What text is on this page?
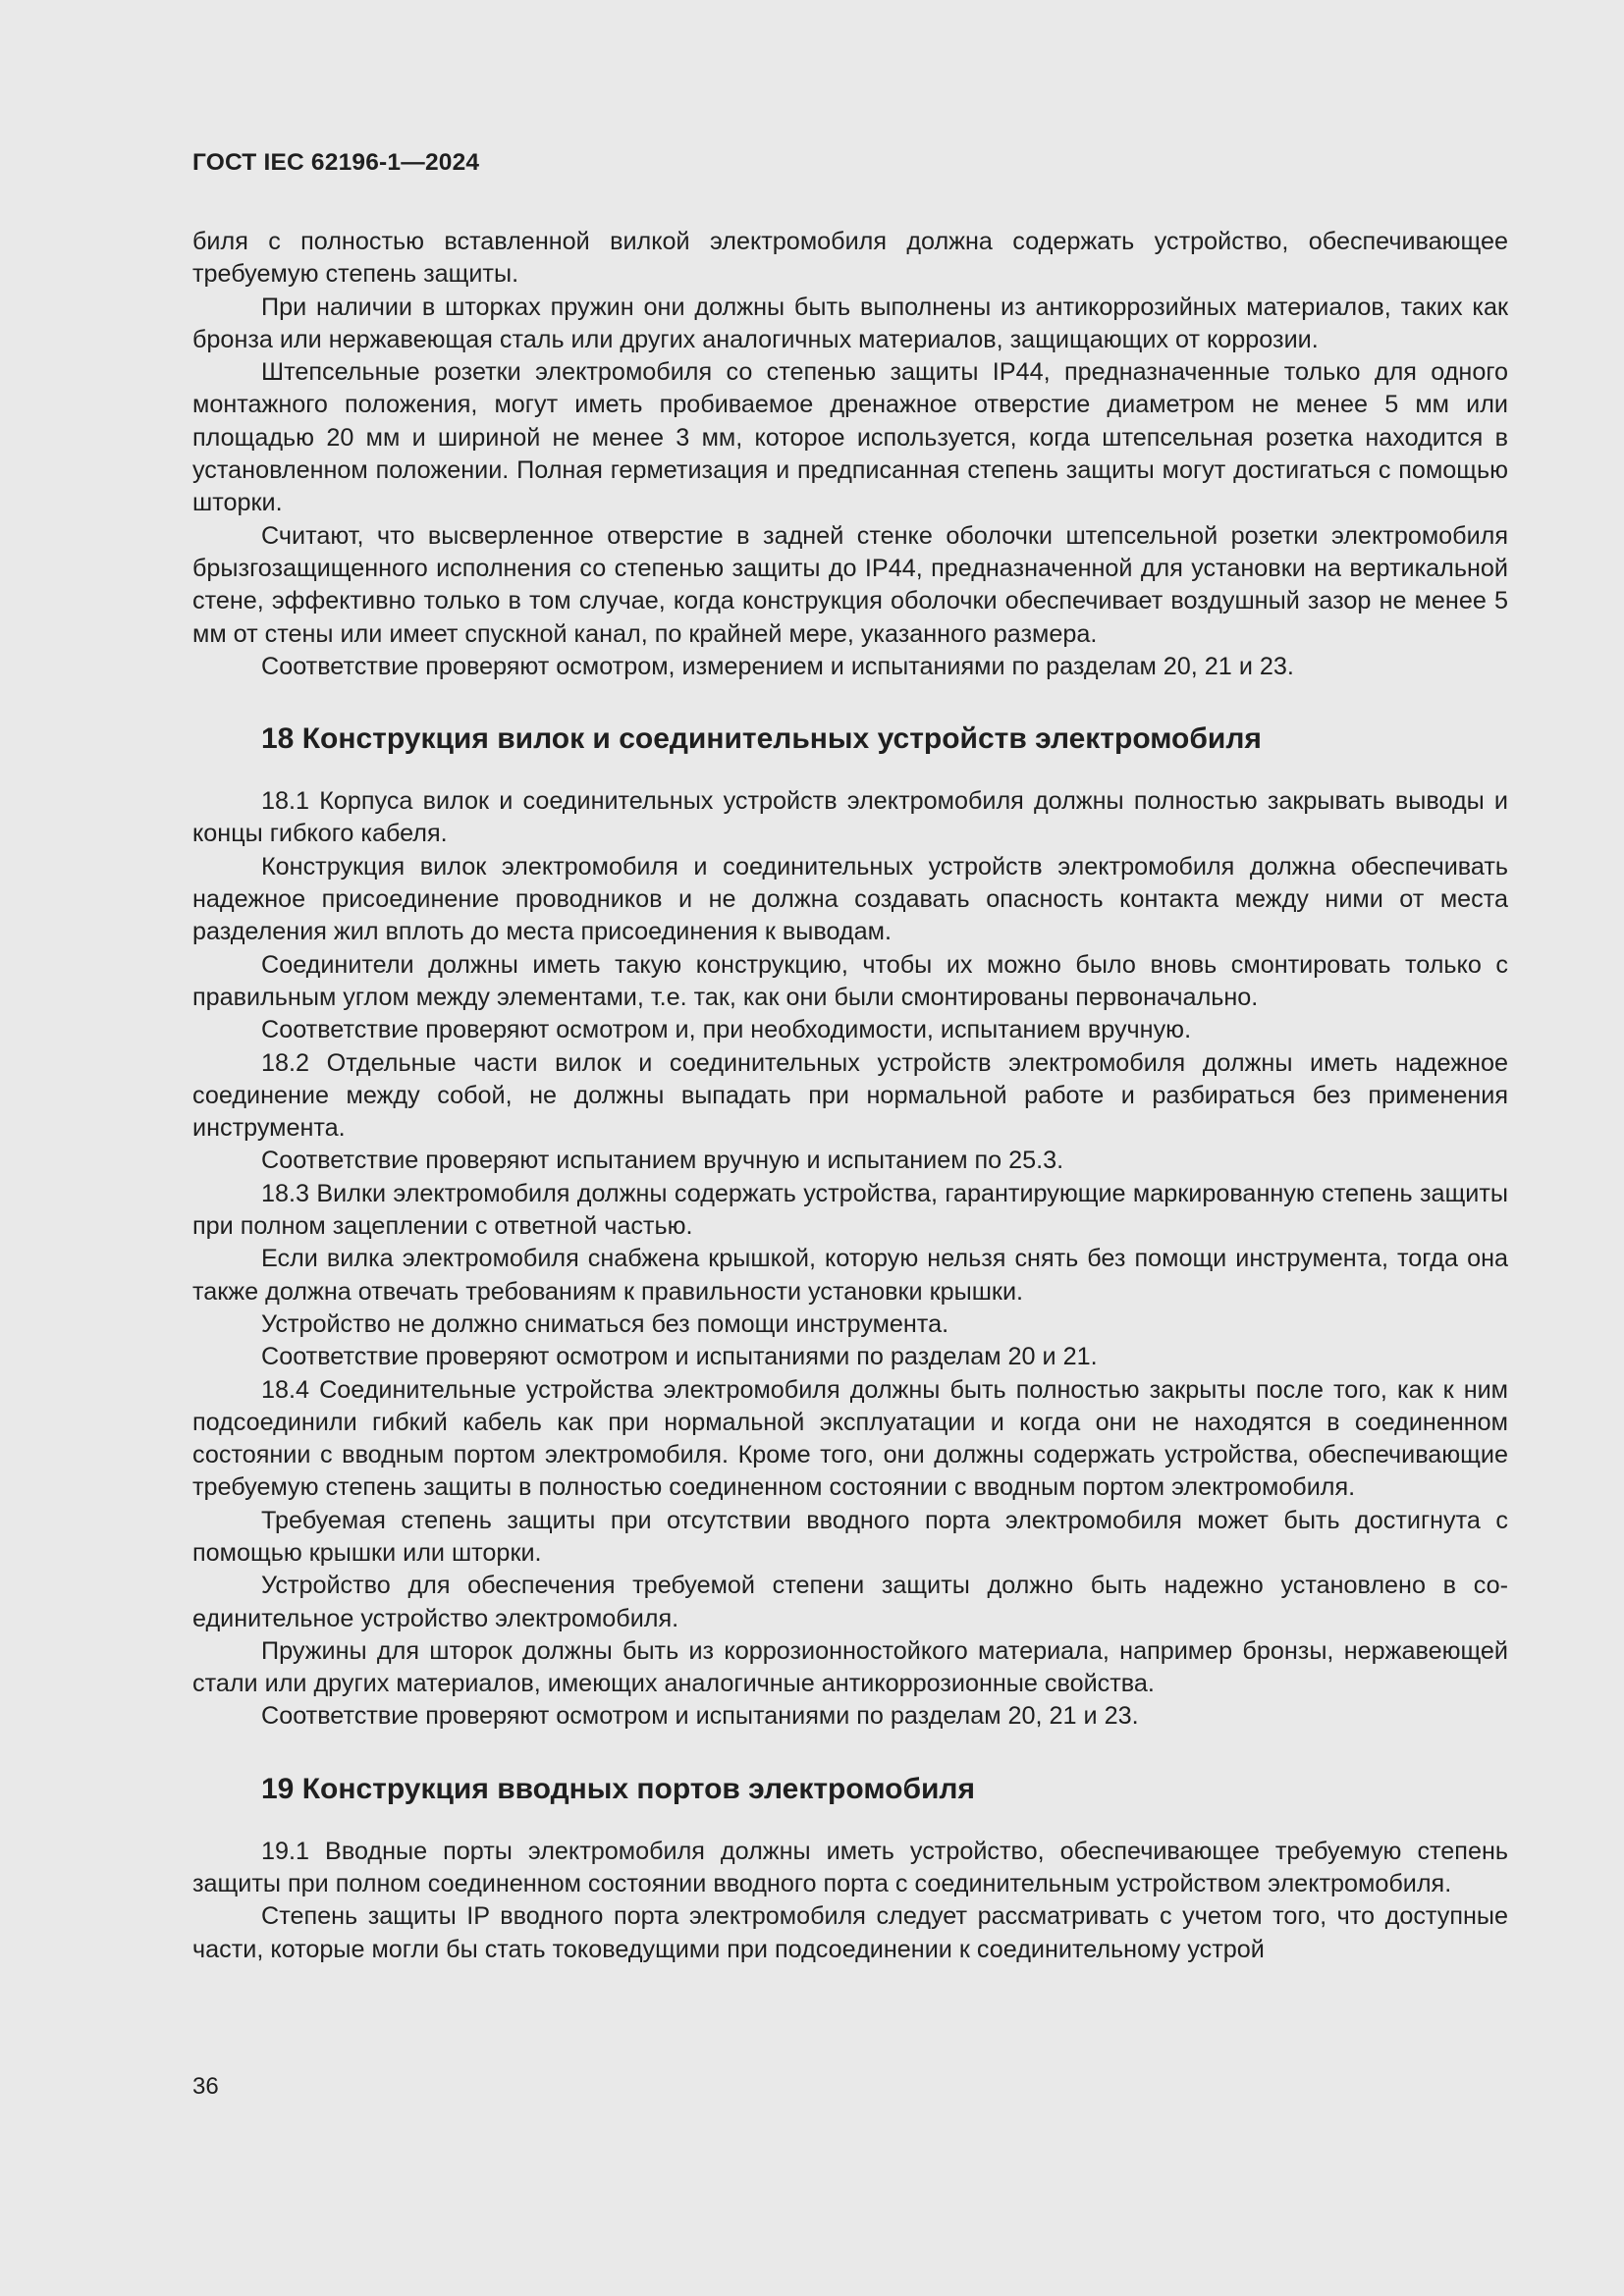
ГОСТ IEC 62196-1—2024

биля с полностью вставленной вилкой электромобиля должна содержать устройство, обеспечивающее требуемую степень защиты.

При наличии в шторках пружин они должны быть выполнены из антикоррозийных материалов, таких как бронза или нержавеющая сталь или других аналогичных материалов, защищающих от коррозии.

Штепсельные розетки электромобиля со степенью защиты IP44, предназначенные только для одного монтажного положения, могут иметь пробиваемое дренажное отверстие диаметром не менее 5 мм или площадью 20 мм и шириной не менее 3 мм, которое используется, когда штепсельная розетка находится в установленном положении. Полная герметизация и предписанная степень защиты могут достигаться с помощью шторки.

Считают, что высверленное отверстие в задней стенке оболочки штепсельной розетки электромобиля брызгозащищенного исполнения со степенью защиты до IP44, предназначенной для установки на вертикальной стене, эффективно только в том случае, когда конструкция оболочки обеспечивает воздушный зазор не менее 5 мм от стены или имеет спускной канал, по крайней мере, указанного размера.

Соответствие проверяют осмотром, измерением и испытаниями по разделам 20, 21 и 23.

18 Конструкция вилок и соединительных устройств электромобиля

18.1 Корпуса вилок и соединительных устройств электромобиля должны полностью закрывать выводы и концы гибкого кабеля.

Конструкция вилок электромобиля и соединительных устройств электромобиля должна обеспечивать надежное присоединение проводников и не должна создавать опасность контакта между ними от места разделения жил вплоть до места присоединения к выводам.

Соединители должны иметь такую конструкцию, чтобы их можно было вновь смонтировать только с правильным углом между элементами, т.е. так, как они были смонтированы первоначально.

Соответствие проверяют осмотром и, при необходимости, испытанием вручную.

18.2 Отдельные части вилок и соединительных устройств электромобиля должны иметь надежное соединение между собой, не должны выпадать при нормальной работе и разбираться без применения инструмента.

Соответствие проверяют испытанием вручную и испытанием по 25.3.

18.3 Вилки электромобиля должны содержать устройства, гарантирующие маркированную степень защиты при полном зацеплении с ответной частью.

Если вилка электромобиля снабжена крышкой, которую нельзя снять без помощи инструмента, тогда она также должна отвечать требованиям к правильности установки крышки.

Устройство не должно сниматься без помощи инструмента.

Соответствие проверяют осмотром и испытаниями по разделам 20 и 21.

18.4 Соединительные устройства электромобиля должны быть полностью закрыты после того, как к ним подсоединили гибкий кабель как при нормальной эксплуатации и когда они не находятся в соединенном состоянии с вводным портом электромобиля. Кроме того, они должны содержать устройства, обеспечивающие требуемую степень защиты в полностью соединенном состоянии с вводным портом электромобиля.

Требуемая степень защиты при отсутствии вводного порта электромобиля может быть достигнута с помощью крышки или шторки.

Устройство для обеспечения требуемой степени защиты должно быть надежно установлено в соединительное устройство электромобиля.

Пружины для шторок должны быть из коррозионностойкого материала, например бронзы, нержавеющей стали или других материалов, имеющих аналогичные антикоррозионные свойства.

Соответствие проверяют осмотром и испытаниями по разделам 20, 21 и 23.

19 Конструкция вводных портов электромобиля

19.1 Вводные порты электромобиля должны иметь устройство, обеспечивающее требуемую степень защиты при полном соединенном состоянии вводного порта с соединительным устройством электромобиля.

Степень защиты IP вводного порта электромобиля следует рассматривать с учетом того, что доступные части, которые могли бы стать токоведущими при подсоединении к соединительному устрой

36
